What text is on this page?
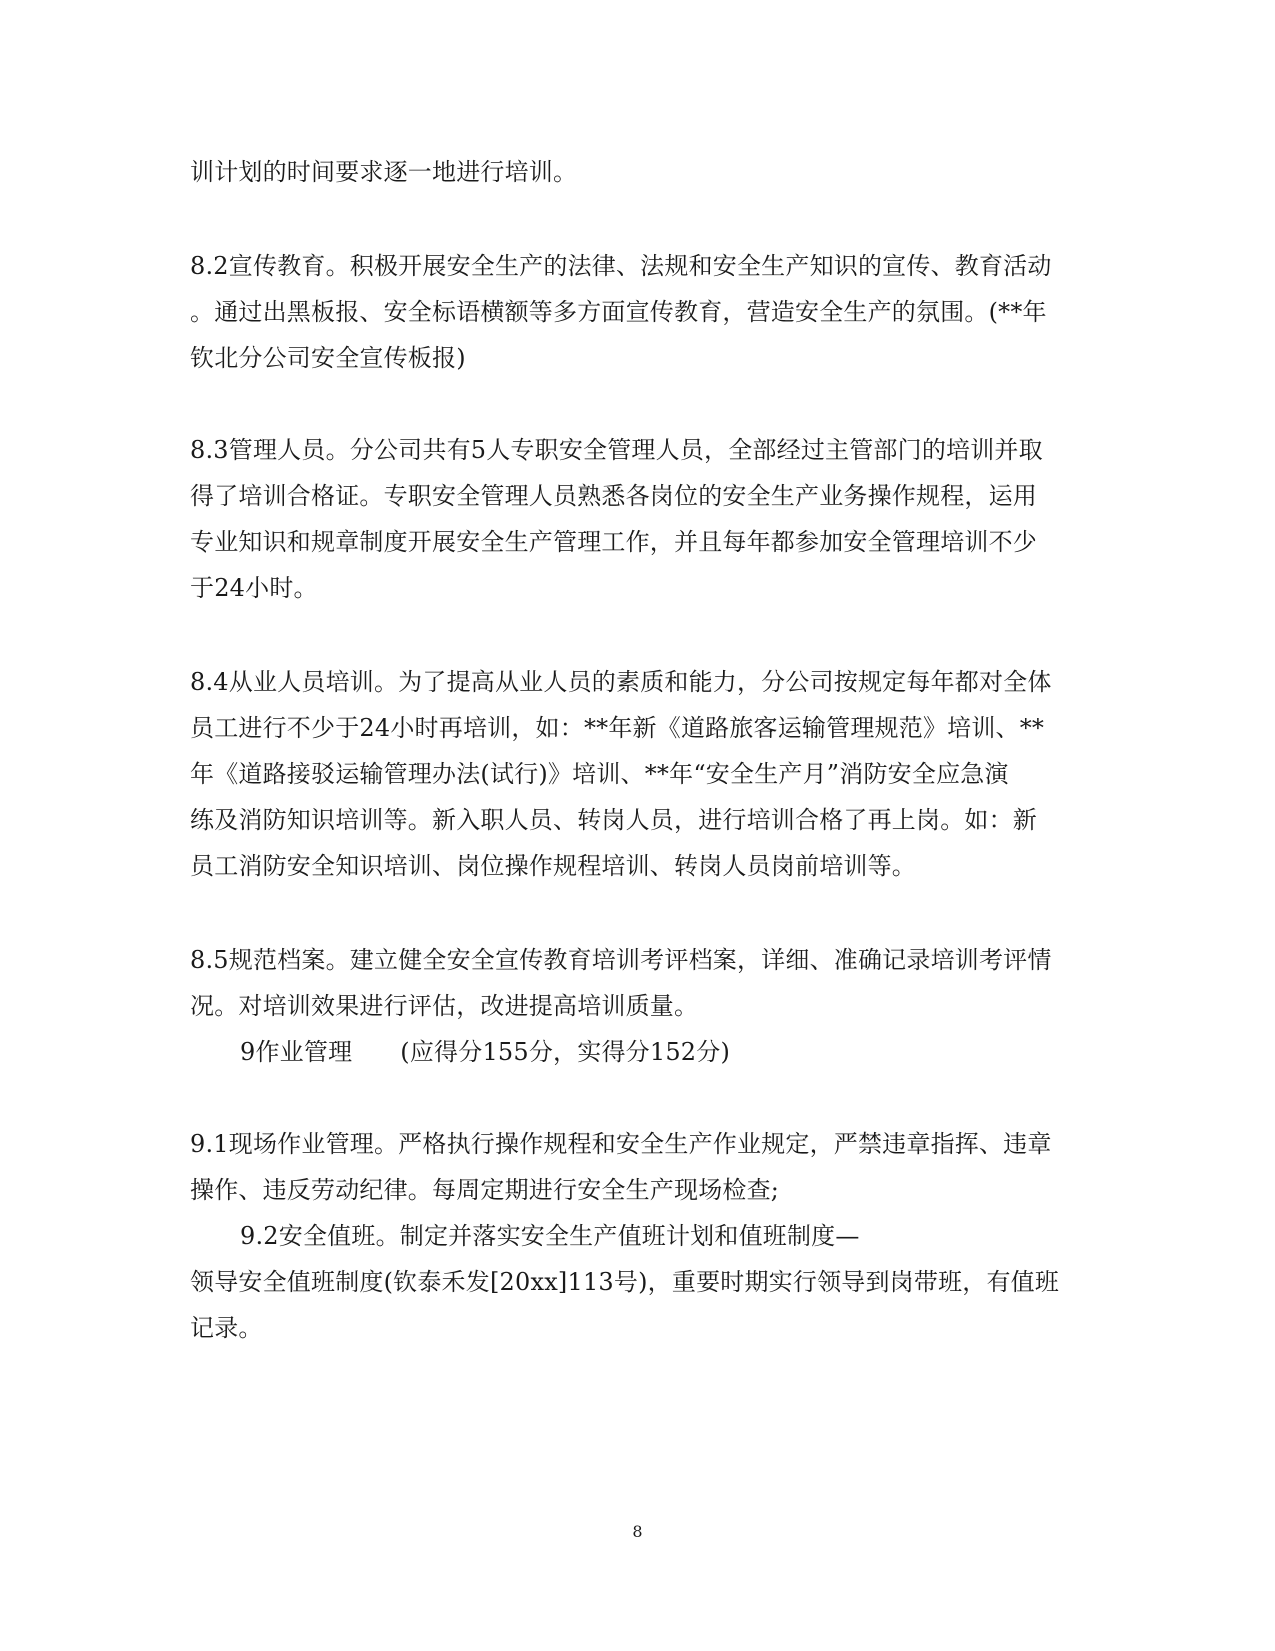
训计划的时间要求逐一地进行培训。
8.2宣传教育。积极开展安全生产的法律、法规和安全生产知识的宣传、教育活动
。通过出黑板报、安全标语横额等多方面宣传教育，营造安全生产的氛围。(**年
钦北分公司安全宣传板报)
8.3管理人员。分公司共有5人专职安全管理人员，全部经过主管部门的培训并取
得了培训合格证。专职安全管理人员熟悉各岗位的安全生产业务操作规程，运用
专业知识和规章制度开展安全生产管理工作，并且每年都参加安全管理培训不少
于24小时。
8.4从业人员培训。为了提高从业人员的素质和能力，分公司按规定每年都对全体
员工进行不少于24小时再培训，如：**年新《道路旅客运输管理规范》培训、**
年《道路接驳运输管理办法(试行)》培训、**年“安全生产月”消防安全应急演
练及消防知识培训等。新入职人员、转岗人员，进行培训合格了再上岗。如：新
员工消防安全知识培训、岗位操作规程培训、转岗人员岗前培训等。
8.5规范档案。建立健全安全宣传教育培训考评档案，详细、准确记录培训考评情
况。对培训效果进行评估，改进提高培训质量。
9作业管理 (应得分155分，实得分152分)
9.1现场作业管理。严格执行操作规程和安全生产作业规定，严禁违章指挥、违章
操作、违反劳动纪律。每周定期进行安全生产现场检查;
9.2安全值班。制定并落实安全生产值班计划和值班制度—
领导安全值班制度(钦泰禾发[20xx]113号)，重要时期实行领导到岗带班，有值班
记录。
8
